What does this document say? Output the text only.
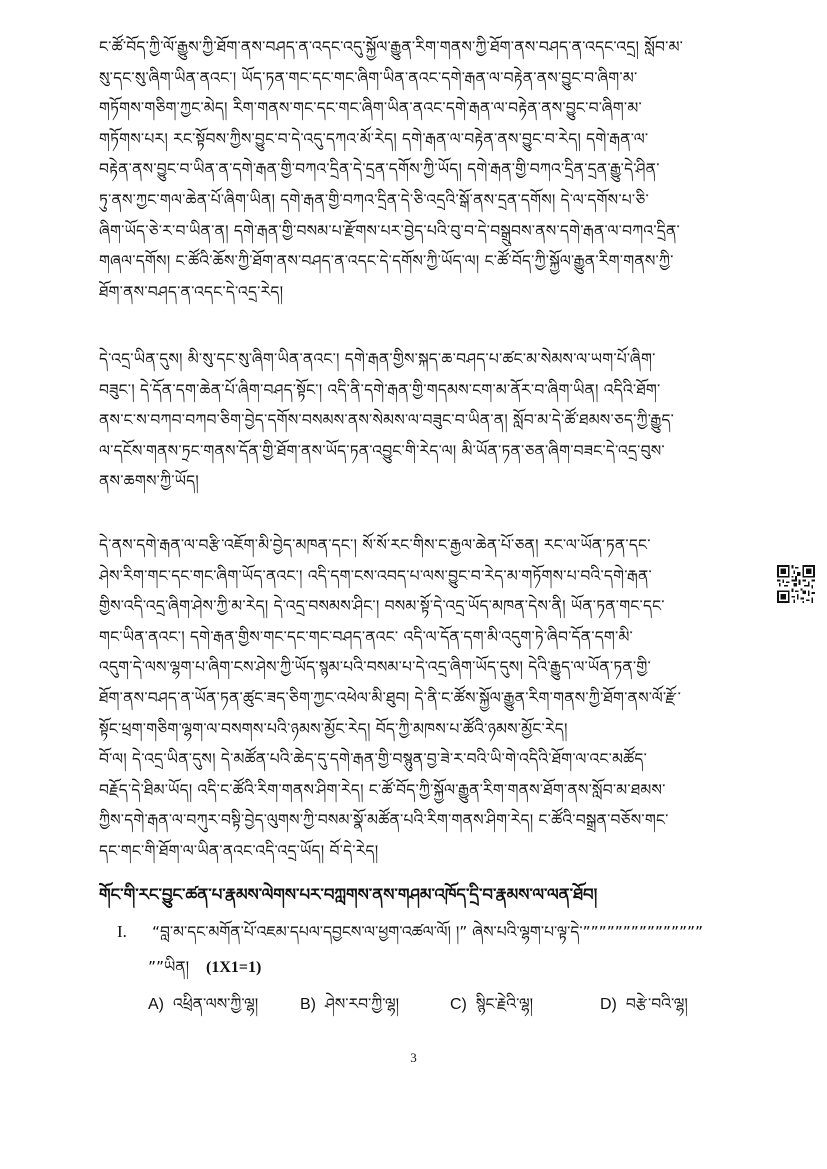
ང་ཚོ་བོད་ཀྱི་ལོ་རྒྱུས་ཀྱི་ཐོག་ནས་བཤད་ན་འདང་འདུ་སྐྱོལ་རྒྱུན་རིག་གནས་ཀྱི་ཐོག་ནས་བཤད་ན་འདང་འདྲ། སློབ་མ་
སུ་དང་སུ་ཞིག་ཡིན་ནའང་། ཡོད་ཏན་གང་དང་གང་ཞིག་ཡིན་ནའང་དགེ་རྒན་ལ་བརྟེན་ནས་བྱུང་བ་ཞིག་མ་
གཏོགས་གཅིག་ཀྱང་མེད། རིག་གནས་གང་དང་གང་ཞིག་ཡིན་ནའང་དགེ་རྒན་ལ་བརྟེན་ནས་བྱུང་བ་ཞིག་མ་
གཏོགས་པར། རང་སྟོབས་ཀྱིས་བྱུང་བ་དེ་འདུ་དཀའ་མོ་རེད། དགེ་རྒན་ལ་བརྟེན་ནས་བྱུང་བ་རེད། དགེ་རྒན་ལ་
བརྟེན་ནས་བྱུང་བ་ཡིན་ན་དགེ་རྒན་གྱི་བཀའ་དྲིན་དེ་དྲན་དགོས་ཀྱི་ཡོད། དགེ་རྒན་གྱི་བཀའ་དྲིན་དྲན་རྒྱུ་དེ་ཤིན་
ཏུ་ནས་ཀྱང་གལ་ཆེན་པོ་ཞིག་ཡིན། དགེ་རྒན་གྱི་བཀའ་དྲིན་དེ་ཅི་འདྲའི་སྒོ་ནས་དྲན་དགོས། དེ་ལ་དགོས་པ་ཅི་
ཞིག་ཡོད་ཅེ་ར་བ་ཡིན་ན། དགེ་རྒན་གྱི་བསམ་པ་རྫོགས་པར་བྱེད་པའི་བུ་བ་དེ་བསྒྲུབས་ནས་དགེ་རྒན་ལ་བཀའ་དྲིན་
གཞལ་དགོས། ང་ཚོའི་ཆོས་ཀྱི་ཐོག་ནས་བཤད་ན་འདང་དེ་དགོས་ཀྱི་ཡོད་ལ། ང་ཚོ་བོད་ཀྱི་སྐྱོལ་རྒྱུན་རིག་གནས་ཀྱི་
ཐོག་ནས་བཤད་ན་འདང་དེ་འདྲ་རེད།
དེ་འདྲ་ཡིན་དུས། མི་སུ་དང་སུ་ཞིག་ཡིན་ནའང་། དགེ་རྒན་གྱིས་སྐད་ཆ་བཤད་པ་ཚང་མ་སེམས་ལ་ཡག་པོ་ཞིག་
བཟུང་། དེ་དོན་དག་ཆེན་པོ་ཞིག་བཤད་སྟོང་། འདི་ནི་དགེ་རྒན་གྱི་གདམས་ངག་མ་ནོར་བ་ཞིག་ཡིན། འདིའི་ཐོག་
ནས་ང་ས་བཀབ་བཀབ་ཅིག་བྱེད་དགོས་བསམས་ནས་སེམས་ལ་བཟུང་བ་ཡིན་ན། སློབ་མ་དེ་ཚོ་ཐམས་ཅད་ཀྱི་རྒྱུད་
ལ་དངོས་གནས་ཏྲང་གནས་དོན་གྱི་ཐོག་ནས་ཡོད་ཏན་འབྱུང་གི་རེད་ལ། མི་ཡོན་ཏན་ཅན་ཞིག་བཟང་དེ་འདྲ་བུས་
ནས་ཆགས་ཀྱི་ཡོད།
དེ་ནས་དགེ་རྒན་ལ་བརྩི་འཇོག་མི་བྱེད་མཁན་དང་། སོ་སོ་རང་གིས་ང་རྒྱལ་ཆེན་པོ་ཅན། རང་ལ་ཡོན་ཏན་དང་
ཤེས་རིག་གང་དང་གང་ཞིག་ཡོད་ནའང་། འདི་དག་ངས་འབད་པ་ལས་བྱུང་བ་རེད་མ་གཏོགས་པ་བའི་དགེ་རྒན་
གྱིས་འདི་འདྲ་ཞིག་ཤེས་ཀྱི་མ་རེད། དེ་འདྲ་བསམས་ཤིང་། བསམ་སྟོ་དེ་འདྲ་ཡོད་མཁན་དེས་ནི། ཡོན་ཏན་གང་དང་
གང་ཡིན་ནའང་། དགེ་རྒན་གྱིས་གང་དང་གང་བཤད་ནའང་ འདི་ལ་དོན་དག་མི་འདུག་ཏེ་ཞིབ་དོན་དག་མི་
འདུག་དེ་ལས་ལྷག་པ་ཞིག་ངས་ཤེས་ཀྱི་ཡོད་སྙམ་པའི་བསམ་པ་དེ་འདྲ་ཞིག་ཡོད་དུས། དེའི་རྒྱུད་ལ་ཡོན་ཏན་གྱི་
ཐོག་ནས་བཤད་ན་ཡོན་ཏན་ཚུང་ཟད་ཅིག་ཀྱང་འཕེལ་མི་ཐུབ། དེ་ནི་ང་ཚོས་སྐྱོལ་རྒྱུན་རིག་གནས་ཀྱི་ཐོག་ནས་ལོ་རྫོ་
སྟོང་ཕྲག་གཅིག་ལྷག་ལ་བསགས་པའི་ཉམས་མྱོང་རེད། བོད་ཀྱི་མཁས་པ་ཚོའི་ཉམས་མྱོང་རེད།
བོ་ལ། དེ་འདྲ་ཡིན་དུས། དེ་མཚོན་པའི་ཆེད་དུ་དགེ་རྒན་གྱི་བསྙུན་བྱ་ཟེ་ར་བའི་ཡི་གེ་འདིའི་ཐོག་ལ་འང་མཚོད་
བརྗོད་དེ་ཐིམ་ཡོད། འདི་ང་ཚོའི་རིག་གནས་ཤིག་རེད། ང་ཚོ་བོད་ཀྱི་སྐྱོལ་རྒྱུན་རིག་གནས་ཐོག་ནས་སློབ་མ་ཐམས་
ཀྱིས་དགེ་རྒན་ལ་བཀུར་བསྟི་བྱེད་ལུགས་ཀྱི་བསམ་སྣོ་མཚོན་པའི་རིག་གནས་ཤིག་རེད། ང་ཚོའི་བསྒྲན་བཅོས་གང་
དང་གང་གི་ཐོག་ལ་ཡིན་ནའང་འདི་འདྲ་ཡོད། བོ་དེ་རེད།
གོང་གི་རང་བྱུང་ཚན་པ་རྣམས་ལེགས་པར་བཀླགས་ནས་གཤམ་འཁོད་དྲི་བ་རྣམས་ལ་ལན་ཐོབ།
I. “བླ་མ་དང་མགོན་པོ་འཇམ་དཔལ་དབྱངས་ལ་ཕྱག་འཚལ་ལོ། །” ཞེས་པའི་ལྷག་པ་ལྟ་དེ་”””””””””””””””
””ཡིན། (1X1=1)
A) འཕྲིན་ལས་ཀྱི་ལྷ།	B) ཤེས་རབ་ཀྱི་ལྷ།	C) སྙིང་རྗེའི་ལྷ།	D) བརྩེ་བའི་ལྷ།
3
